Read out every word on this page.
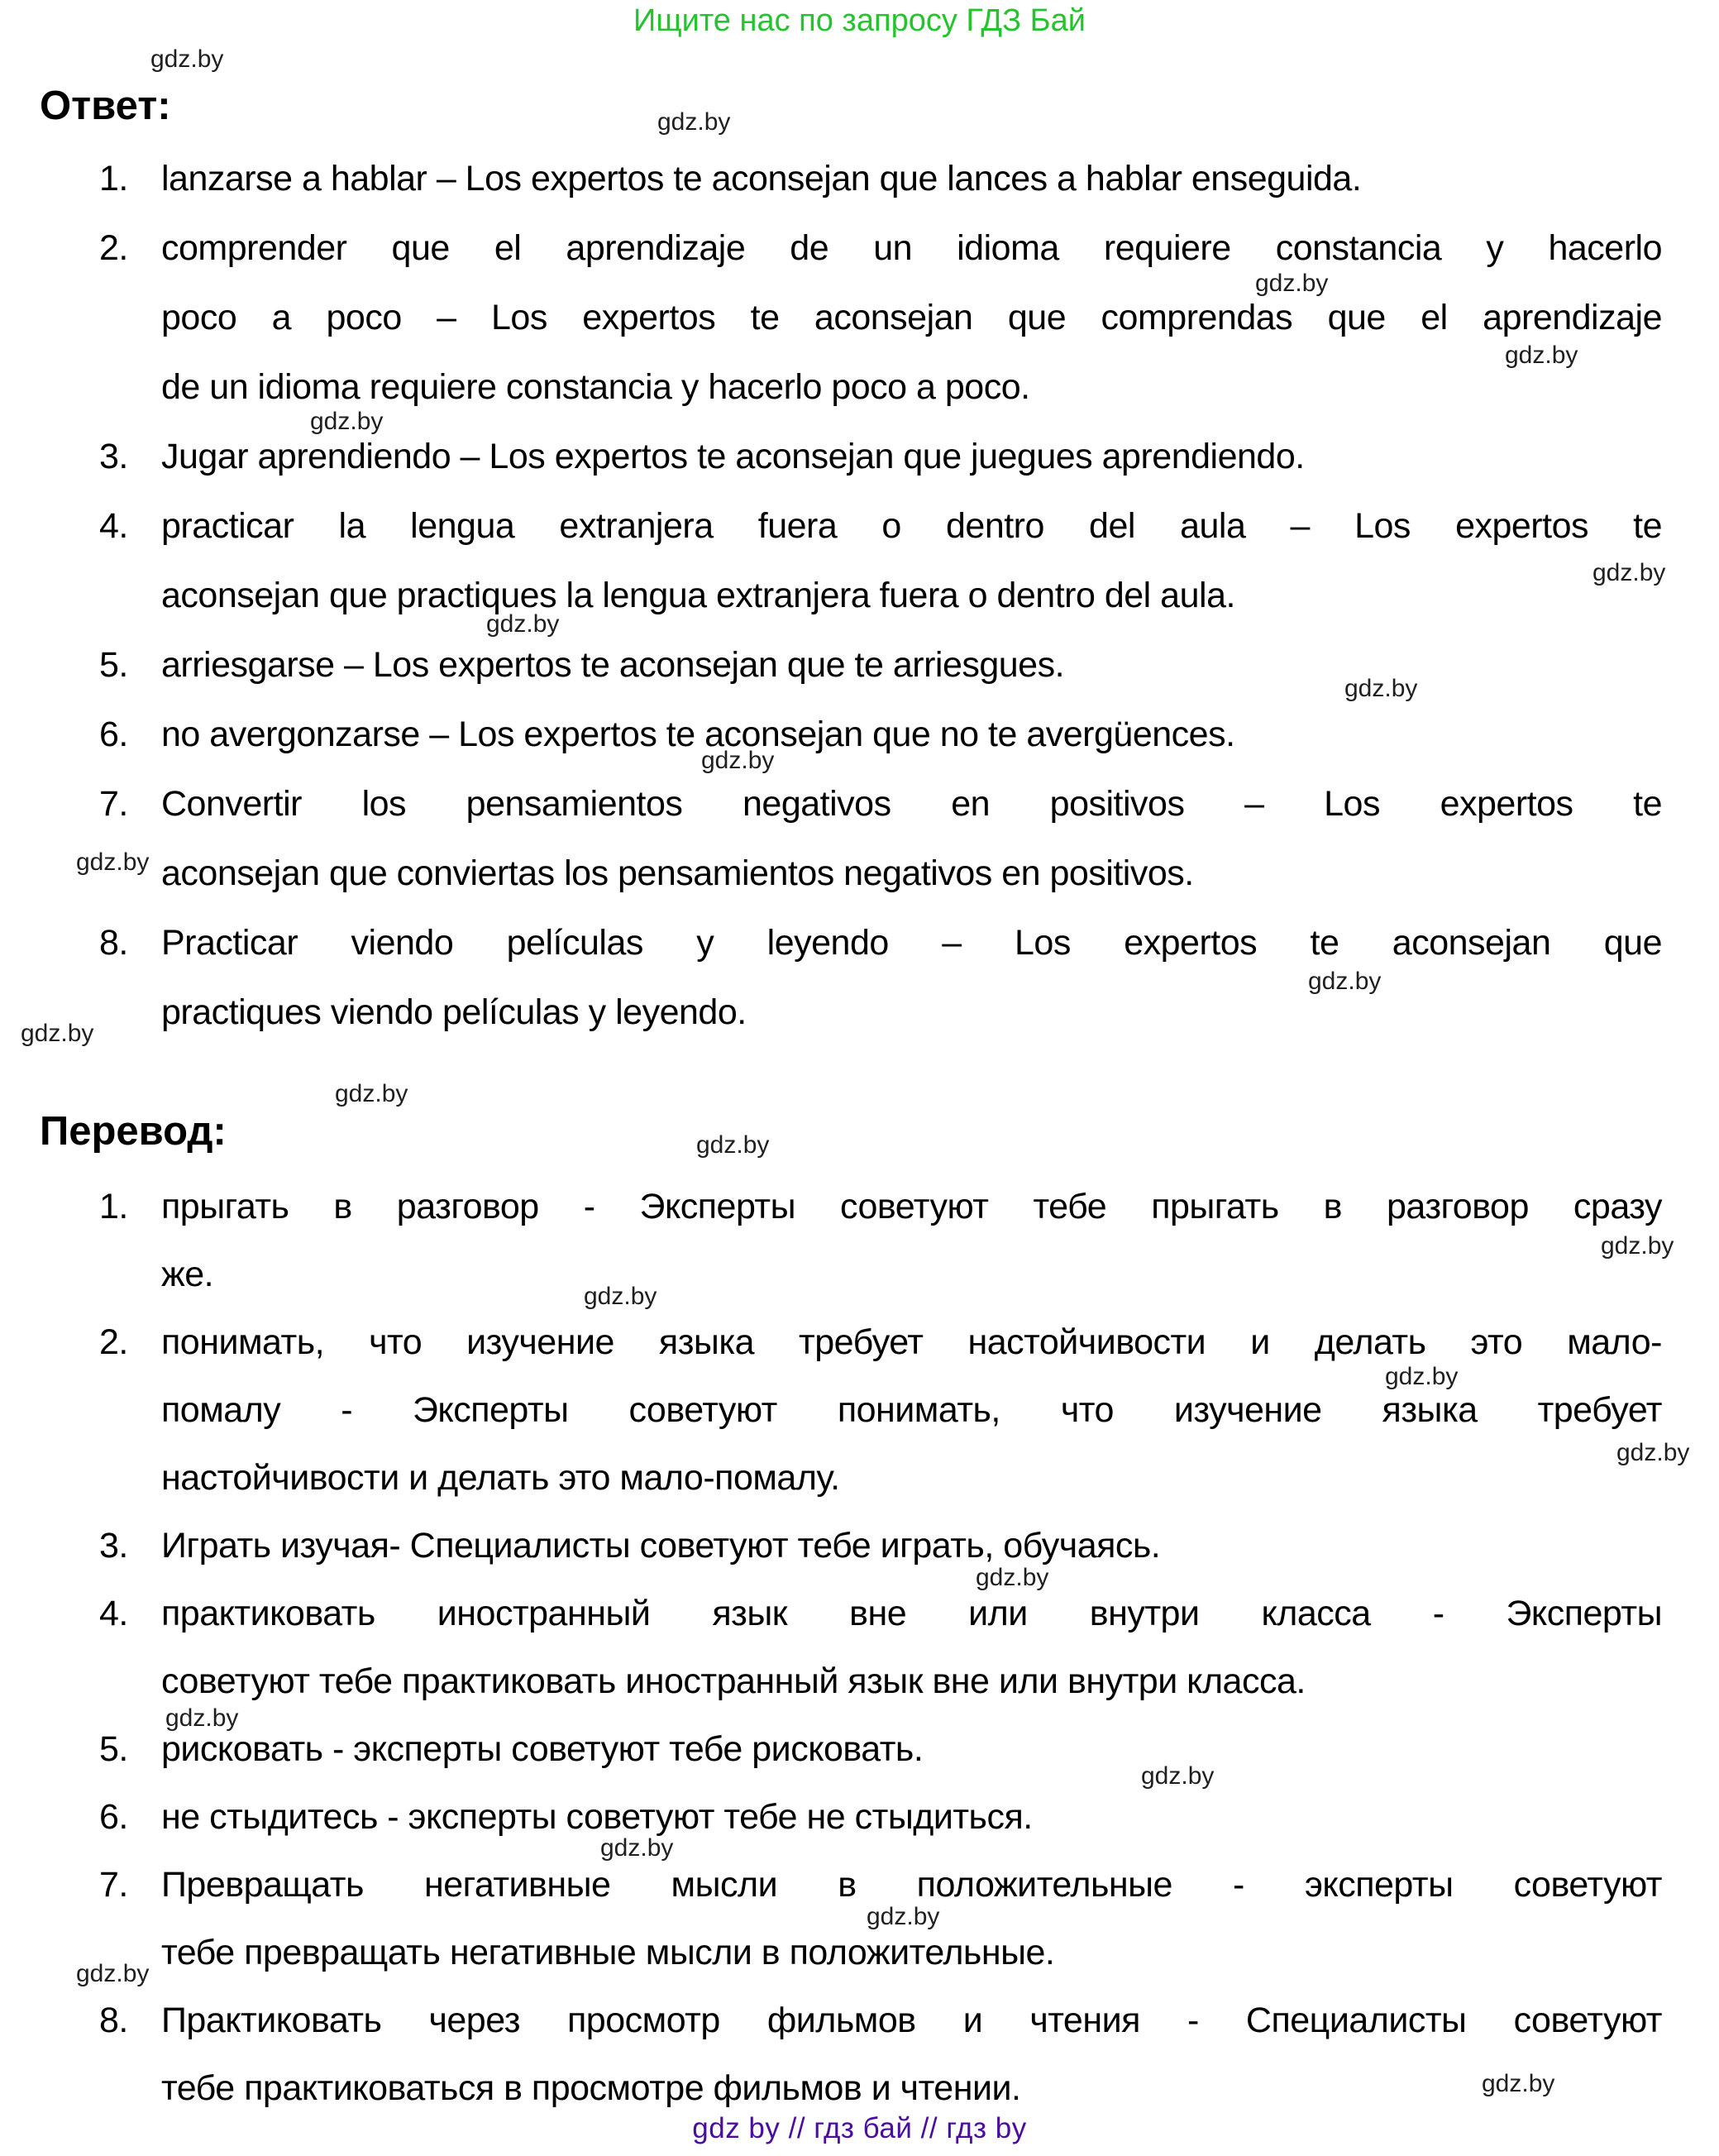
Ищите нас по запросу ГДЗ Бай
Ответ:
1. lanzarse a hablar – Los expertos te aconsejan que lances a hablar enseguida.
2. comprender que el aprendizaje de un idioma requiere constancia y hacerlo
poco a poco – Los expertos te aconsejan que comprendas que el aprendizaje
de un idioma requiere constancia y hacerlo poco a poco.
3. Jugar aprendiendo – Los expertos te aconsejan que juegues aprendiendo.
4. practicar la lengua extranjera fuera o dentro del aula – Los expertos te
aconsejan que practiques la lengua extranjera fuera o dentro del aula.
5. arriesgarse – Los expertos te aconsejan que te arriesgues.
6. no avergonzarse – Los expertos te aconsejan que no te avergüences.
7. Convertir los pensamientos negativos en positivos – Los expertos te
aconsejan que conviertas los pensamientos negativos en positivos.
8. Practicar viendo películas y leyendo – Los expertos te aconsejan que
practiques viendo películas y leyendo.
Перевод:
1. прыгать в разговор - Эксперты советуют тебе прыгать в разговор сразу
же.
2. понимать, что изучение языка требует настойчивости и делать это мало-
помалу - Эксперты советуют понимать, что изучение языка требует
настойчивости и делать это мало-помалу.
3. Играть изучая- Специалисты советуют тебе играть, обучаясь.
4. практиковать иностранный язык вне или внутри класса - Эксперты
советуют тебе практиковать иностранный язык вне или внутри класса.
5. рисковать - эксперты советуют тебе рисковать.
6. не стыдитесь - эксперты советуют тебе не стыдиться.
7. Превращать негативные мысли в положительные - эксперты советуют
тебе превращать негативные мысли в положительные.
8. Практиковать через просмотр фильмов и чтения - Специалисты советуют
тебе практиковаться в просмотре фильмов и чтении.
gdz.by
gdz.by
gdz.by
gdz.by
gdz.by
gdz.by
gdz.by
gdz.by
gdz.by
gdz.by
gdz.by
gdz.by
gdz.by
gdz.by
gdz.by
gdz.by
gdz.by
gdz.by
gdz.by
gdz.by
gdz.by
gdz.by
gdz.by
gdz.by
gdz.by
gdz by // гдз бай // гдз by
